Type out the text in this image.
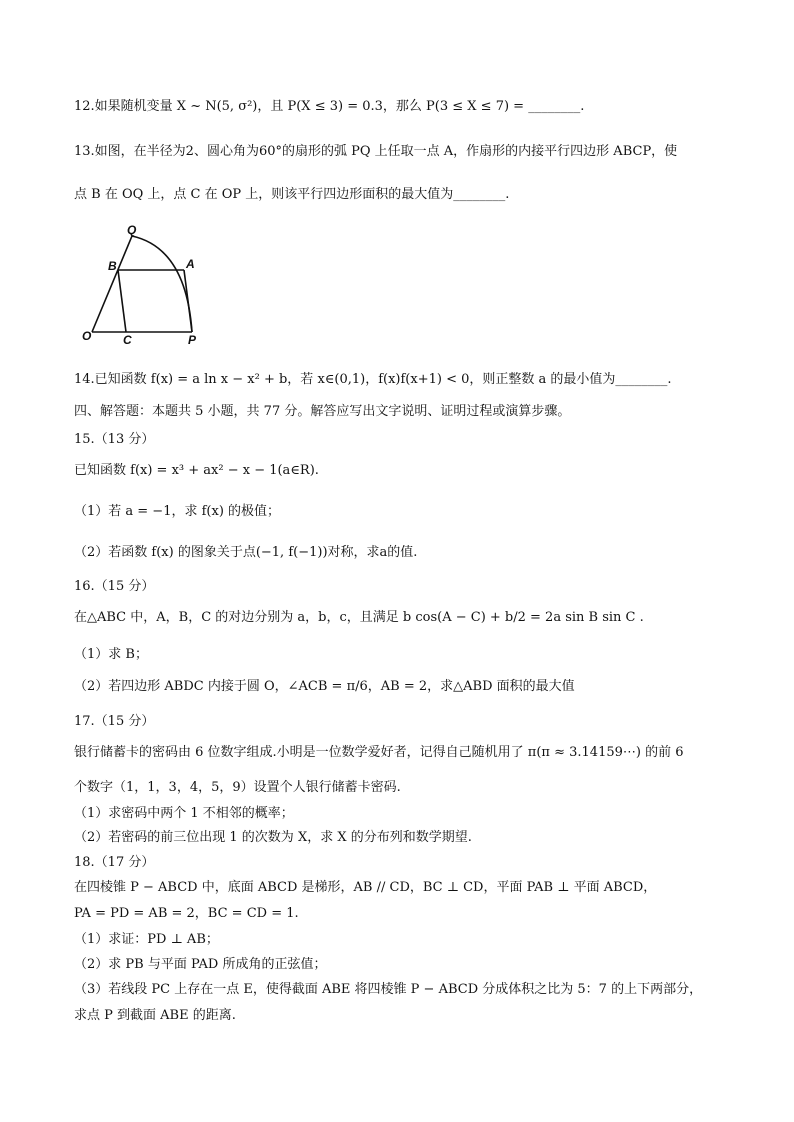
12.如果随机变量 X ~ N(5, σ²)，且 P(X ≤ 3) = 0.3，那么 P(3 ≤ X ≤ 7) = ________.
13.如图，在半径为2、圆心角为60°的扇形的弧 PQ 上任取一点 A，作扇形的内接平行四边形 ABCP，使
点 B 在 OQ 上，点 C 在 OP 上，则该平行四边形面积的最大值为________.
Q
B	A
O	C	P
14.已知函数 f(x) = a ln x − x² + b，若 x∈(0,1)，f(x)f(x+1) < 0，则正整数 a 的最小值为________.
四、解答题：本题共 5 小题，共 77 分。解答应写出文字说明、证明过程或演算步骤。
15.（13 分）
已知函数 f(x) = x³ + ax² − x − 1(a∈R).
（1）若 a = −1，求 f(x) 的极值；
（2）若函数 f(x) 的图象关于点(−1, f(−1))对称，求a的值.
16.（15 分）
在△ABC 中，A，B，C 的对边分别为 a，b，c，且满足 b cos(A − C) + b/2 = 2a sin B sin C .
（1）求 B；
（2）若四边形 ABDC 内接于圆 O，∠ACB = π/6，AB = 2，求△ABD 面积的最大值
17.（15 分）
银行储蓄卡的密码由 6 位数字组成.小明是一位数学爱好者，记得自己随机用了 π(π ≈ 3.14159⋯) 的前 6
个数字（1，1，3，4，5，9）设置个人银行储蓄卡密码.
（1）求密码中两个 1 不相邻的概率；
（2）若密码的前三位出现 1 的次数为 X，求 X 的分布列和数学期望.
18.（17 分）
在四棱锥 P − ABCD 中，底面 ABCD 是梯形，AB // CD，BC ⊥ CD，平面 PAB ⊥ 平面 ABCD，
PA = PD = AB = 2，BC = CD = 1.
（1）求证：PD ⊥ AB；
（2）求 PB 与平面 PAD 所成角的正弦值；
（3）若线段 PC 上存在一点 E，使得截面 ABE 将四棱锥 P − ABCD 分成体积之比为 5：7 的上下两部分，
求点 P 到截面 ABE 的距离.
